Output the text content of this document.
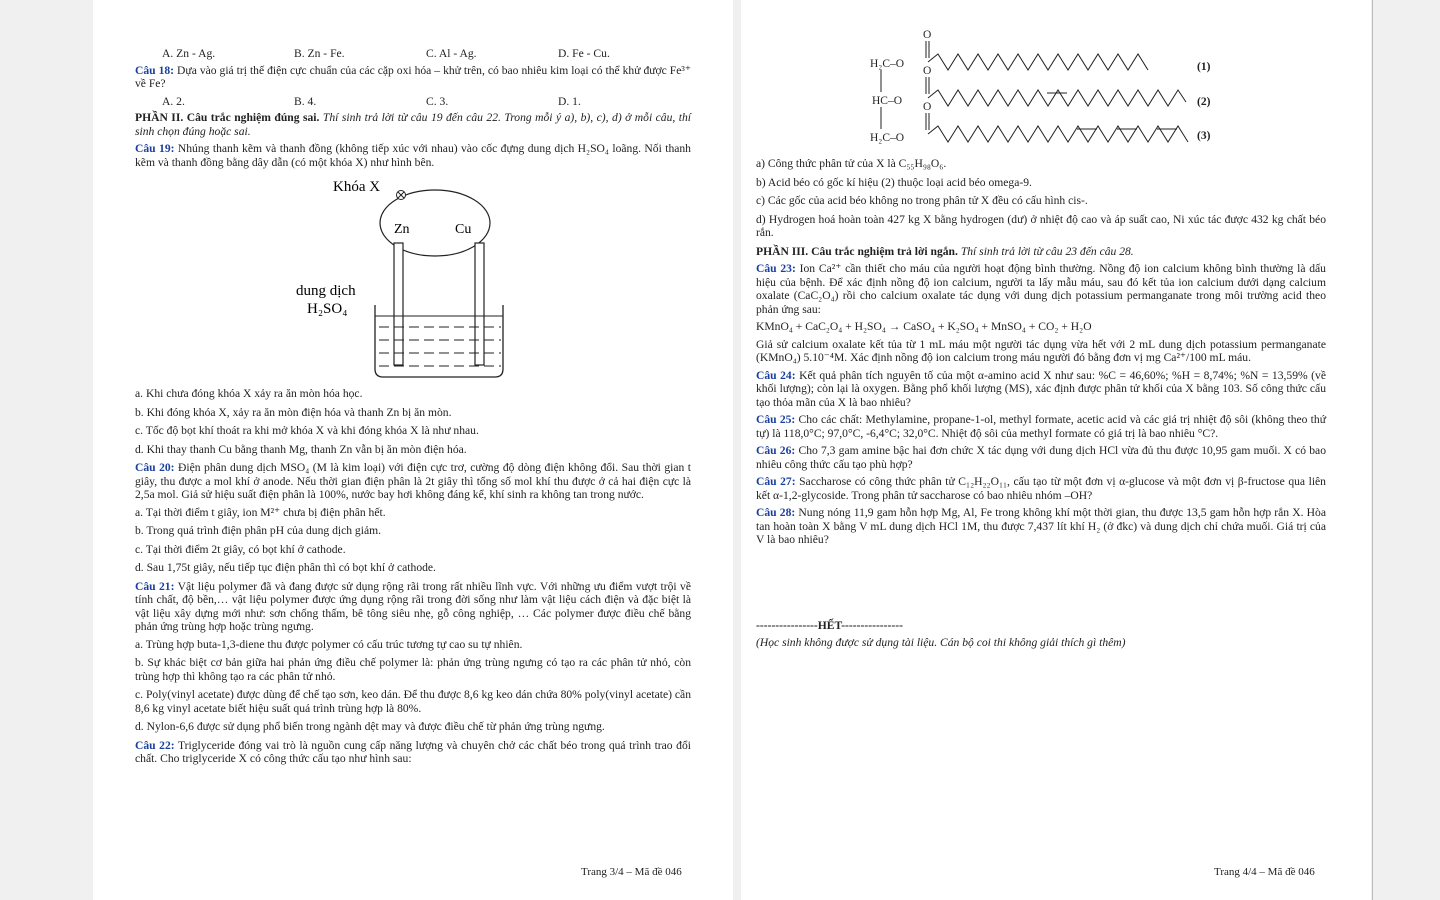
A. Zn - Ag.	B. Zn - Fe.	C. Al - Ag.	D. Fe - Cu.

Câu 18: Dựa vào giá trị thế điện cực chuẩn của các cặp oxi hóa – khử trên, có bao nhiêu kim loại có thể khử được Fe³⁺ về Fe?

A. 2.	B. 4.	C. 3.	D. 1.

PHẦN II. Câu trắc nghiệm đúng sai. Thí sinh trả lời từ câu 19 đến câu 22. Trong mỗi ý a), b), c), d) ở mỗi câu, thí sinh chọn đúng hoặc sai.

Câu 19: Nhúng thanh kẽm và thanh đồng (không tiếp xúc với nhau) vào cốc đựng dung dịch H₂SO₄ loãng. Nối thanh kẽm và thanh đồng bằng dây dẫn (có một khóa X) như hình bên.

Khóa X
Zn	Cu
dung dịch
H₂SO₄

a. Khi chưa đóng khóa X xảy ra ăn mòn hóa học.

b. Khi đóng khóa X, xảy ra ăn mòn điện hóa và thanh Zn bị ăn mòn.

c. Tốc độ bọt khí thoát ra khi mở khóa X và khi đóng khóa X là như nhau.

d. Khi thay thanh Cu bằng thanh Mg, thanh Zn vẫn bị ăn mòn điện hóa.

Câu 20: Điện phân dung dịch MSO₄ (M là kim loại) với điện cực trơ, cường độ dòng điện không đổi. Sau thời gian t giây, thu được a mol khí ở anode. Nếu thời gian điện phân là 2t giây thì tổng số mol khí thu được ở cả hai điện cực là 2,5a mol. Giả sử hiệu suất điện phân là 100%, nước bay hơi không đáng kể, khí sinh ra không tan trong nước.

a. Tại thời điểm t giây, ion M²⁺ chưa bị điện phân hết.

b. Trong quá trình điện phân pH của dung dịch giảm.

c. Tại thời điểm 2t giây, có bọt khí ở cathode.

d. Sau 1,75t giây, nếu tiếp tục điện phân thì có bọt khí ở cathode.

Câu 21: Vật liệu polymer đã và đang được sử dụng rộng rãi trong rất nhiều lĩnh vực. Với những ưu điểm vượt trội về tính chất, độ bền,… vật liệu polymer được ứng dụng rộng rãi trong đời sống như làm vật liệu cách điện và đặc biệt là vật liệu xây dựng mới như: sơn chống thấm, bê tông siêu nhẹ, gỗ công nghiệp, … Các polymer được điều chế bằng phản ứng trùng hợp hoặc trùng ngưng.

a. Trùng hợp buta-1,3-diene thu được polymer có cấu trúc tương tự cao su tự nhiên.

b. Sự khác biệt cơ bản giữa hai phản ứng điều chế polymer là: phản ứng trùng ngưng có tạo ra các phân tử nhỏ, còn trùng hợp thì không tạo ra các phân tử nhỏ.

c. Poly(vinyl acetate) được dùng để chế tạo sơn, keo dán. Để thu được 8,6 kg keo dán chứa 80% poly(vinyl acetate) cần 8,6 kg vinyl acetate biết hiệu suất quá trình trùng hợp là 80%.

d. Nylon-6,6 được sử dụng phổ biến trong ngành dệt may và được điều chế từ phản ứng trùng ngưng.

Câu 22: Triglyceride đóng vai trò là nguồn cung cấp năng lượng và chuyên chở các chất béo trong quá trình trao đổi chất. Cho triglyceride X có công thức cấu tạo như hình sau:

Trang 3/4 – Mã đề 046
O
O
O
H₂C–O
HC–O
H₂C–O
(1)
(2)
(3)

a) Công thức phân tử của X là C₅₅H₉₈O₆.

b) Acid béo có gốc kí hiệu (2) thuộc loại acid béo omega-9.

c) Các gốc của acid béo không no trong phân tử X đều có cấu hình cis-.

d) Hydrogen hoá hoàn toàn 427 kg X bằng hydrogen (dư) ở nhiệt độ cao và áp suất cao, Ni xúc tác được 432 kg chất béo rắn.

PHẦN III. Câu trắc nghiệm trả lời ngắn. Thí sinh trả lời từ câu 23 đến câu 28.

Câu 23: Ion Ca²⁺ cần thiết cho máu của người hoạt động bình thường. Nồng độ ion calcium không bình thường là dấu hiệu của bệnh. Để xác định nồng độ ion calcium, người ta lấy mẫu máu, sau đó kết tủa ion calcium dưới dạng calcium oxalate (CaC₂O₄) rồi cho calcium oxalate tác dụng với dung dịch potassium permanganate trong môi trường acid theo phản ứng sau:

KMnO₄ + CaC₂O₄ + H₂SO₄ → CaSO₄ + K₂SO₄ + MnSO₄ + CO₂ + H₂O

Giả sử calcium oxalate kết tủa từ 1 mL máu một người tác dụng vừa hết với 2 mL dung dịch potassium permanganate (KMnO₄) 5.10⁻⁴M. Xác định nồng độ ion calcium trong máu người đó bằng đơn vị mg Ca²⁺/100 mL máu.

Câu 24: Kết quả phân tích nguyên tố của một α-amino acid X như sau: %C = 46,60%; %H = 8,74%; %N = 13,59% (về khối lượng); còn lại là oxygen. Bằng phổ khối lượng (MS), xác định được phân tử khối của X bằng 103. Số công thức cấu tạo thỏa mãn của X là bao nhiêu?

Câu 25: Cho các chất: Methylamine, propane-1-ol, methyl formate, acetic acid và các giá trị nhiệt độ sôi (không theo thứ tự) là 118,0°C; 97,0°C, -6,4°C; 32,0°C. Nhiệt độ sôi của methyl formate có giá trị là bao nhiêu °C?.

Câu 26: Cho 7,3 gam amine bậc hai đơn chức X tác dụng với dung dịch HCl vừa đủ thu được 10,95 gam muối. X có bao nhiêu công thức cấu tạo phù hợp?

Câu 27: Saccharose có công thức phân tử C₁₂H₂₂O₁₁, cấu tạo từ một đơn vị α-glucose và một đơn vị β-fructose qua liên kết α-1,2-glycoside. Trong phân tử saccharose có bao nhiêu nhóm –OH?

Câu 28: Nung nóng 11,9 gam hỗn hợp Mg, Al, Fe trong không khí một thời gian, thu được 13,5 gam hỗn hợp rắn X. Hòa tan hoàn toàn X bằng V mL dung dịch HCl 1M, thu được 7,437 lít khí H₂ (ở đkc) và dung dịch chỉ chứa muối. Giá trị của V là bao nhiêu?

----------------HẾT----------------

(Học sinh không được sử dụng tài liệu. Cán bộ coi thi không giải thích gì thêm)

Trang 4/4 – Mã đề 046
